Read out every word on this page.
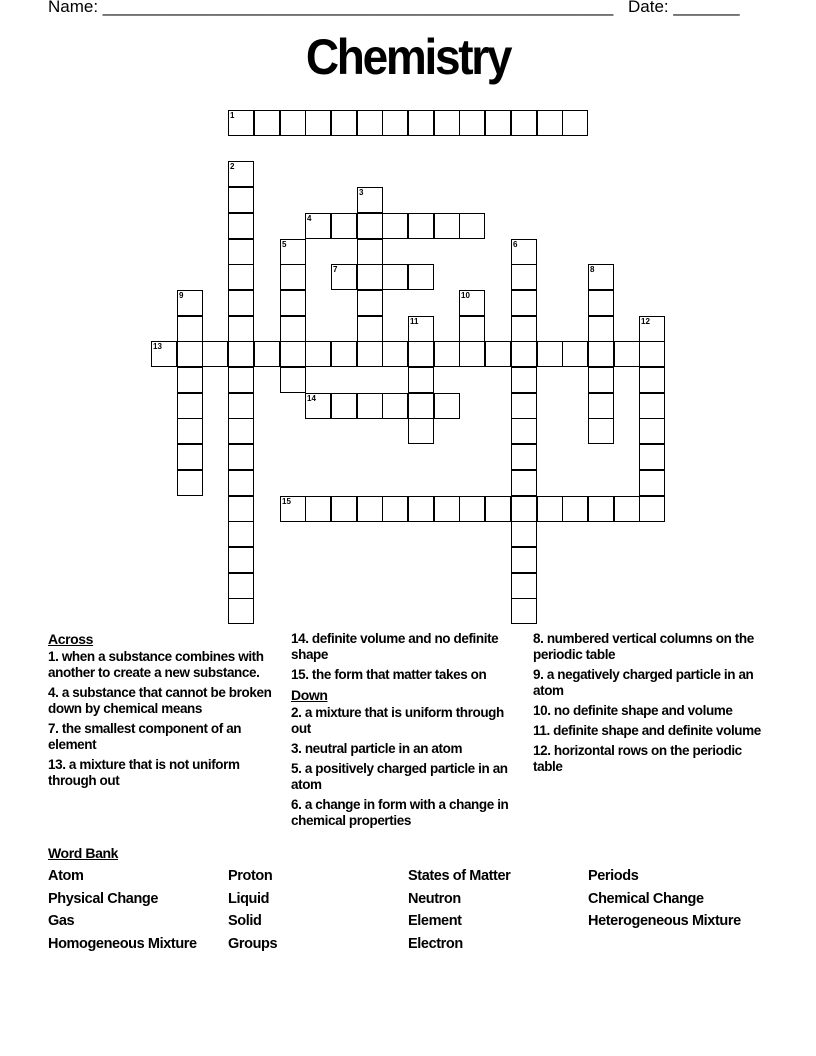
Name: ______________________________________________________ Date: _______
Chemistry
1
2
3
4
5	6
7	8
9	10
11	12
13
14
15
Across
1. when a substance combines with another to create a new substance.
4. a substance that cannot be broken down by chemical means
7. the smallest component of an element
13. a mixture that is not uniform through out
14. definite volume and no definite shape
15. the form that matter takes on
Down
2. a mixture that is uniform through out
3. neutral particle in an atom
5. a positively charged particle in an atom
6. a change in form with a change in chemical properties
8. numbered vertical columns on the periodic table
9. a negatively charged particle in an atom
10. no definite shape and volume
11. definite shape and definite volume
12. horizontal rows on the periodic table
Word Bank
Atom
Physical Change
Gas
Homogeneous Mixture
Proton
Liquid
Solid
Groups
States of Matter
Neutron
Element
Electron
Periods
Chemical Change
Heterogeneous Mixture
